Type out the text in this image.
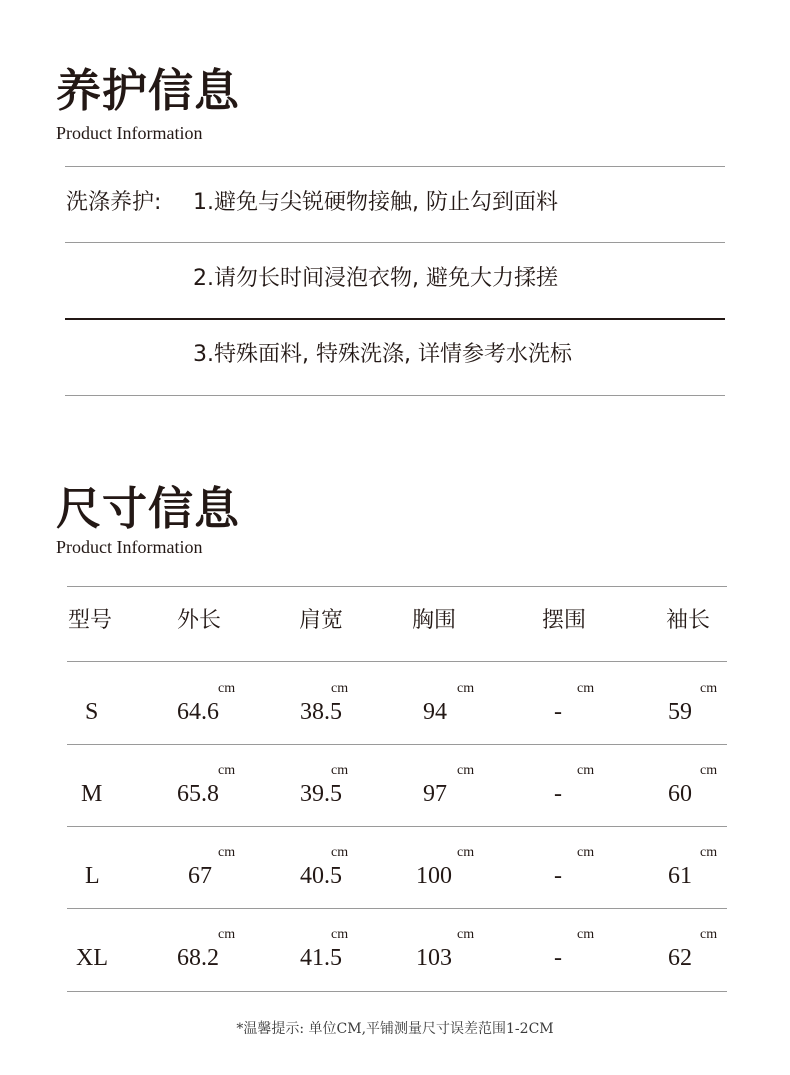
养护信息
Product Information
洗涤养护: 1.避免与尖锐硬物接触, 防止勾到面料
2.请勿长时间浸泡衣物, 避免大力揉搓
3.特殊面料, 特殊洗涤, 详情参考水洗标
尺寸信息
Product Information
型号	外长	肩宽	胸围	摆围	袖长
S	64.6	38.5	94	-	59
cm	cm	cm	cm	cm
M	65.8	39.5	97	-	60
cm	cm	cm	cm	cm
L	67	40.5	100	-	61
cm	cm	cm	cm	cm
XL	68.2	41.5	103	-	62
cm	cm	cm	cm	cm
*温馨提示: 单位CM,平铺测量尺寸误差范围1-2CM
